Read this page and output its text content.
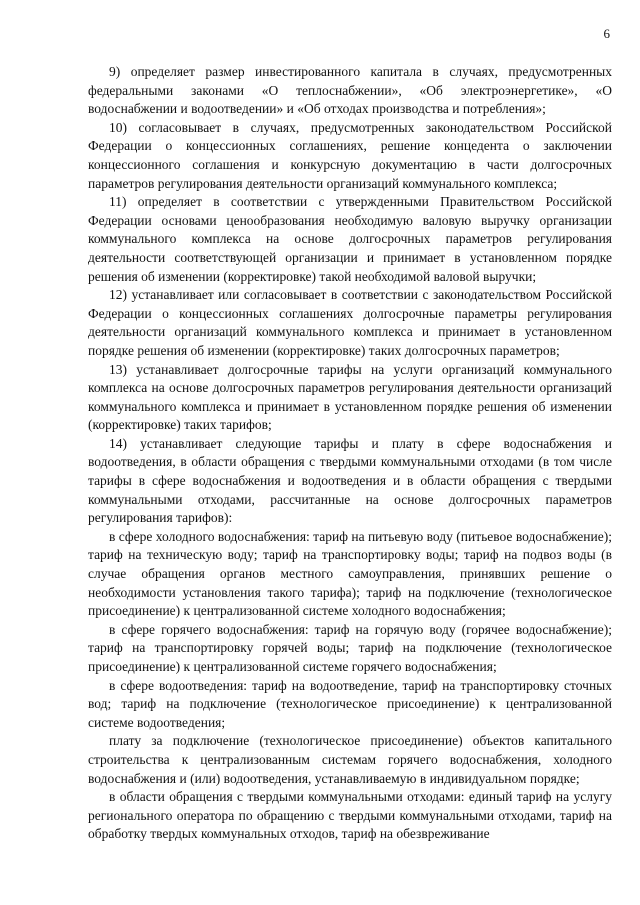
6

9) определяет размер инвестированного капитала в случаях, предусмотренных федеральными законами «О теплоснабжении», «Об электроэнергетике», «О водоснабжении и водоотведении» и «Об отходах производства и потребления»;

10) согласовывает в случаях, предусмотренных законодательством Российской Федерации о концессионных соглашениях, решение концедента о заключении концессионного соглашения и конкурсную документацию в части долгосрочных параметров регулирования деятельности организаций коммунального комплекса;

11) определяет в соответствии с утвержденными Правительством Российской Федерации основами ценообразования необходимую валовую выручку организации коммунального комплекса на основе долгосрочных параметров регулирования деятельности соответствующей организации и принимает в установленном порядке решения об изменении (корректировке) такой необходимой валовой выручки;

12) устанавливает или согласовывает в соответствии с законодательством Российской Федерации о концессионных соглашениях долгосрочные параметры регулирования деятельности организаций коммунального комплекса и принимает в установленном порядке решения об изменении (корректировке) таких долгосрочных параметров;

13) устанавливает долгосрочные тарифы на услуги организаций коммунального комплекса на основе долгосрочных параметров регулирования деятельности организаций коммунального комплекса и принимает в установленном порядке решения об изменении (корректировке) таких тарифов;

14) устанавливает следующие тарифы и плату в сфере водоснабжения и водоотведения, в области обращения с твердыми коммунальными отходами (в том числе тарифы в сфере водоснабжения и водоотведения и в области обращения с твердыми коммунальными отходами, рассчитанные на основе долгосрочных параметров регулирования тарифов):

в сфере холодного водоснабжения: тариф на питьевую воду (питьевое водоснабжение); тариф на техническую воду; тариф на транспортировку воды; тариф на подвоз воды (в случае обращения органов местного самоуправления, принявших решение о необходимости установления такого тарифа); тариф на подключение (технологическое присоединение) к централизованной системе холодного водоснабжения;

в сфере горячего водоснабжения: тариф на горячую воду (горячее водоснабжение); тариф на транспортировку горячей воды; тариф на подключение (технологическое присоединение) к централизованной системе горячего водоснабжения;

в сфере водоотведения: тариф на водоотведение, тариф на транспортировку сточных вод; тариф на подключение (технологическое присоединение) к централизованной системе водоотведения;

плату за подключение (технологическое присоединение) объектов капитального строительства к централизованным системам горячего водоснабжения, холодного водоснабжения и (или) водоотведения, устанавливаемую в индивидуальном порядке;

в области обращения с твердыми коммунальными отходами: единый тариф на услугу регионального оператора по обращению с твердыми коммунальными отходами, тариф на обработку твердых коммунальных отходов, тариф на обезвреживание
